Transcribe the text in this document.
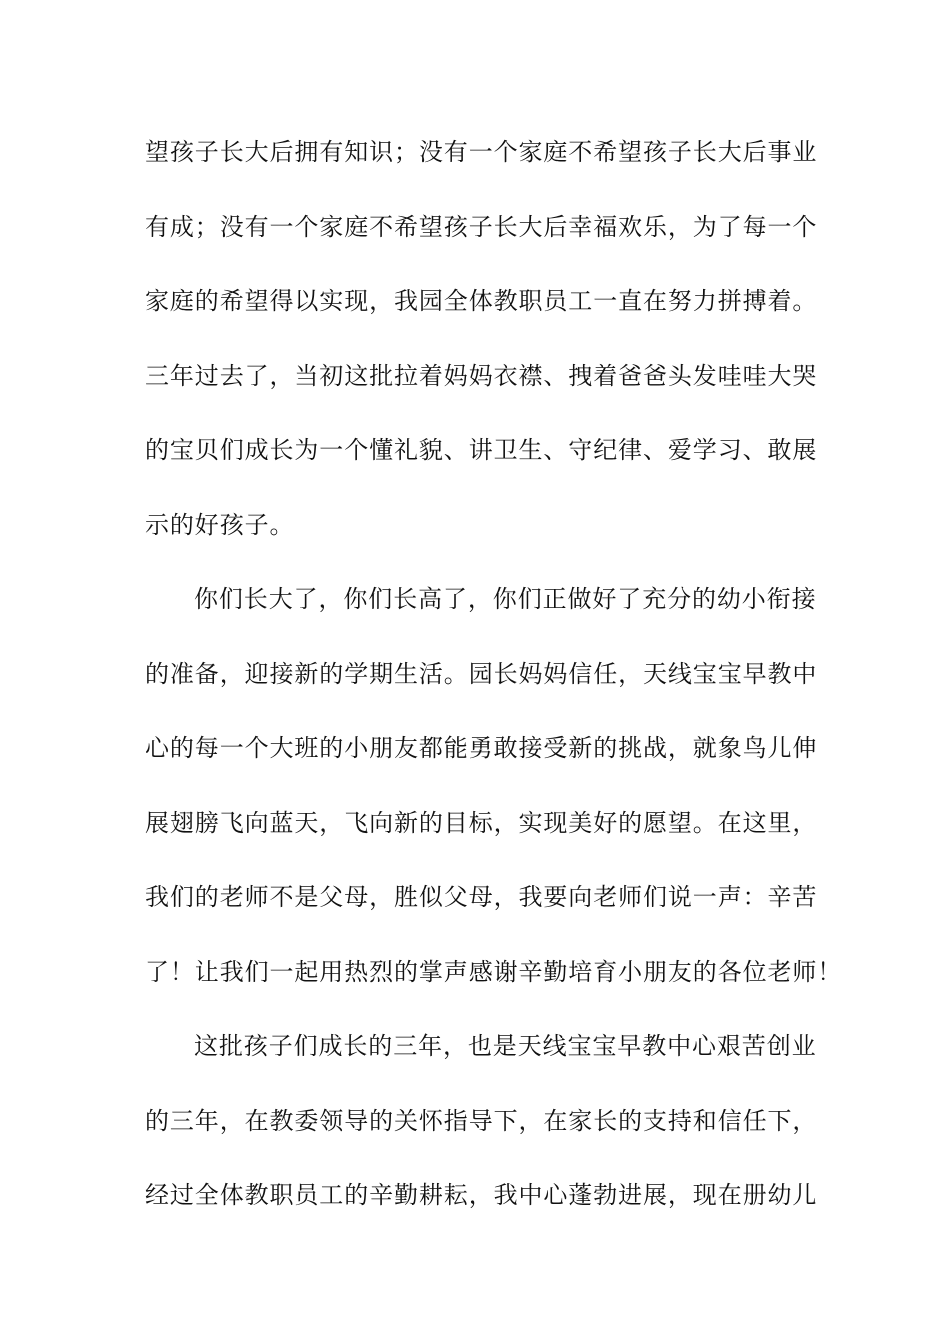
望孩子长大后拥有知识；没有一个家庭不希望孩子长大后事业
有成；没有一个家庭不希望孩子长大后幸福欢乐，为了每一个
家庭的希望得以实现，我园全体教职员工一直在努力拼搏着。
三年过去了，当初这批拉着妈妈衣襟、拽着爸爸头发哇哇大哭
的宝贝们成长为一个懂礼貌、讲卫生、守纪律、爱学习、敢展
示的好孩子。
你们长大了，你们长高了，你们正做好了充分的幼小衔接
的准备，迎接新的学期生活。园长妈妈信任，天线宝宝早教中
心的每一个大班的小朋友都能勇敢接受新的挑战，就象鸟儿伸
展翅膀飞向蓝天，飞向新的目标，实现美好的愿望。在这里，
我们的老师不是父母，胜似父母，我要向老师们说一声：辛苦
了！让我们一起用热烈的掌声感谢辛勤培育小朋友的各位老师！
这批孩子们成长的三年，也是天线宝宝早教中心艰苦创业
的三年，在教委领导的关怀指导下，在家长的支持和信任下，
经过全体教职员工的辛勤耕耘，我中心蓬勃进展，现在册幼儿
